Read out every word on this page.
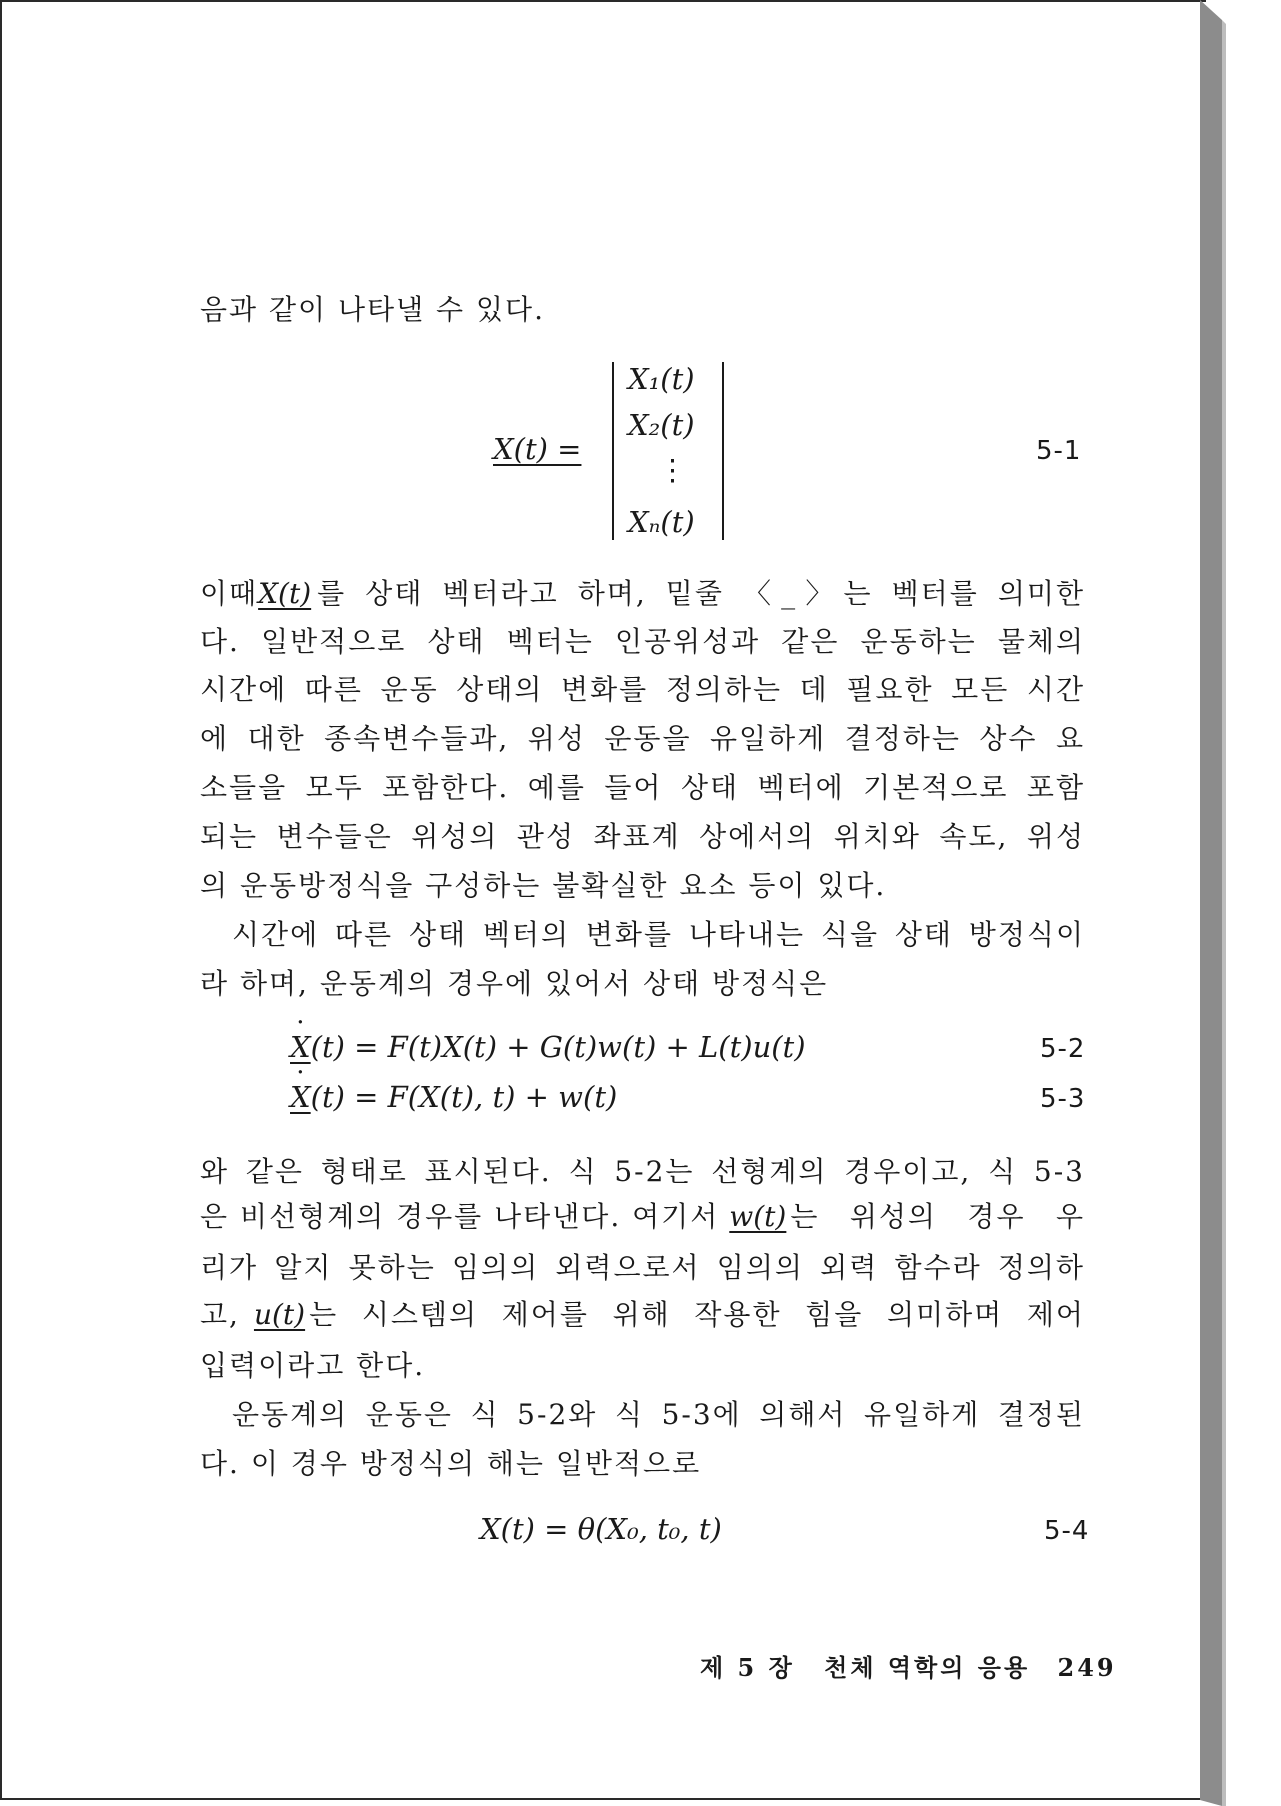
음과 같이 나타낼 수 있다.
X(t) =
X₁(t)
X₂(t)
⋮
Xₙ(t)
5-1
이때 X(t) 를 상태 벡터라고 하며, 밑줄 〈_〉는 벡터를 의미한
다. 일반적으로 상태 벡터는 인공위성과 같은 운동하는 물체의
시간에 따른 운동 상태의 변화를 정의하는 데 필요한 모든 시간
에 대한 종속변수들과, 위성 운동을 유일하게 결정하는 상수 요
소들을 모두 포함한다. 예를 들어 상태 벡터에 기본적으로 포함
되는 변수들은 위성의 관성 좌표계 상에서의 위치와 속도, 위성
의 운동방정식을 구성하는 불확실한 요소 등이 있다.
시간에 따른 상태 벡터의 변화를 나타내는 식을 상태 방정식이
라 하며, 운동계의 경우에 있어서 상태 방정식은
· X(t) = F(t)X(t) + G(t)w(t) + L(t)u(t)	5-2
· X(t) = F(X(t), t) + w(t)	5-3
와 같은 형태로 표시된다. 식 5-2는 선형계의 경우이고, 식 5-3
은 비선형계의 경우를 나타낸다. 여기서 w(t) 는 위성의 경우 우
리가 알지 못하는 임의의 외력으로서 임의의 외력 함수라 정의하
고, u(t) 는 시스템의 제어를 위해 작용한 힘을 의미하며 제어
입력이라고 한다.
운동계의 운동은 식 5-2와 식 5-3에 의해서 유일하게 결정된
다. 이 경우 방정식의 해는 일반적으로
X(t) = θ(X₀, t₀, t)	5-4
제 5 장 천체 역학의 응용 249
